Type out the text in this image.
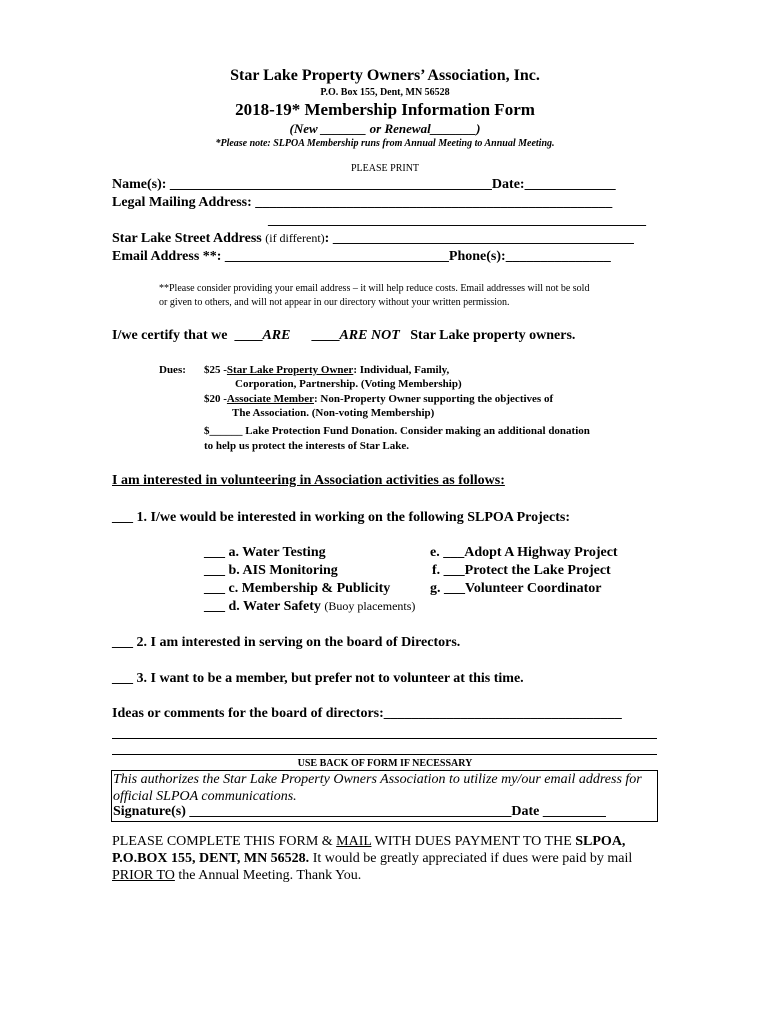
Star Lake Property Owners’ Association, Inc.
P.O. Box 155, Dent, MN 56528
2018-19* Membership Information Form
(New _______ or Renewal_______)
*Please note: SLPOA Membership runs from Annual Meeting to Annual Meeting.
PLEASE PRINT
Name(s): ______________________________________________Date:_____________
Legal Mailing Address: ___________________________________________________
______________________________________________________
Star Lake Street Address (if different): ___________________________________________
Email Address **: ________________________________Phone(s):_______________
**Please consider providing your email address – it will help reduce costs. Email addresses will not be sold
or given to others, and will not appear in our directory without your written permission.
I/we certify that we ____ARE ____ARE NOT Star Lake property owners.
Dues: $25 -Star Lake Property Owner: Individual, Family,
Corporation, Partnership. (Voting Membership)
$20 -Associate Member: Non-Property Owner supporting the objectives of
The Association. (Non-voting Membership)
$______ Lake Protection Fund Donation. Consider making an additional donation
to help us protect the interests of Star Lake.
I am interested in volunteering in Association activities as follows:
___ 1. I/we would be interested in working on the following SLPOA Projects:
___ a. Water Testing
___ b. AIS Monitoring
___ c. Membership & Publicity
___ d. Water Safety (Buoy placements)
e. ___Adopt A Highway Project
f. ___Protect the Lake Project
g. ___Volunteer Coordinator
___ 2. I am interested in serving on the board of Directors.
___ 3. I want to be a member, but prefer not to volunteer at this time.
Ideas or comments for the board of directors:__________________________________
USE BACK OF FORM IF NECESSARY
This authorizes the Star Lake Property Owners Association to utilize my/our email address for
official SLPOA communications.
Signature(s) ______________________________________________Date _________
PLEASE COMPLETE THIS FORM & MAIL WITH DUES PAYMENT TO THE SLPOA,
P.O.BOX 155, DENT, MN 56528. It would be greatly appreciated if dues were paid by mail
PRIOR TO the Annual Meeting. Thank You.
